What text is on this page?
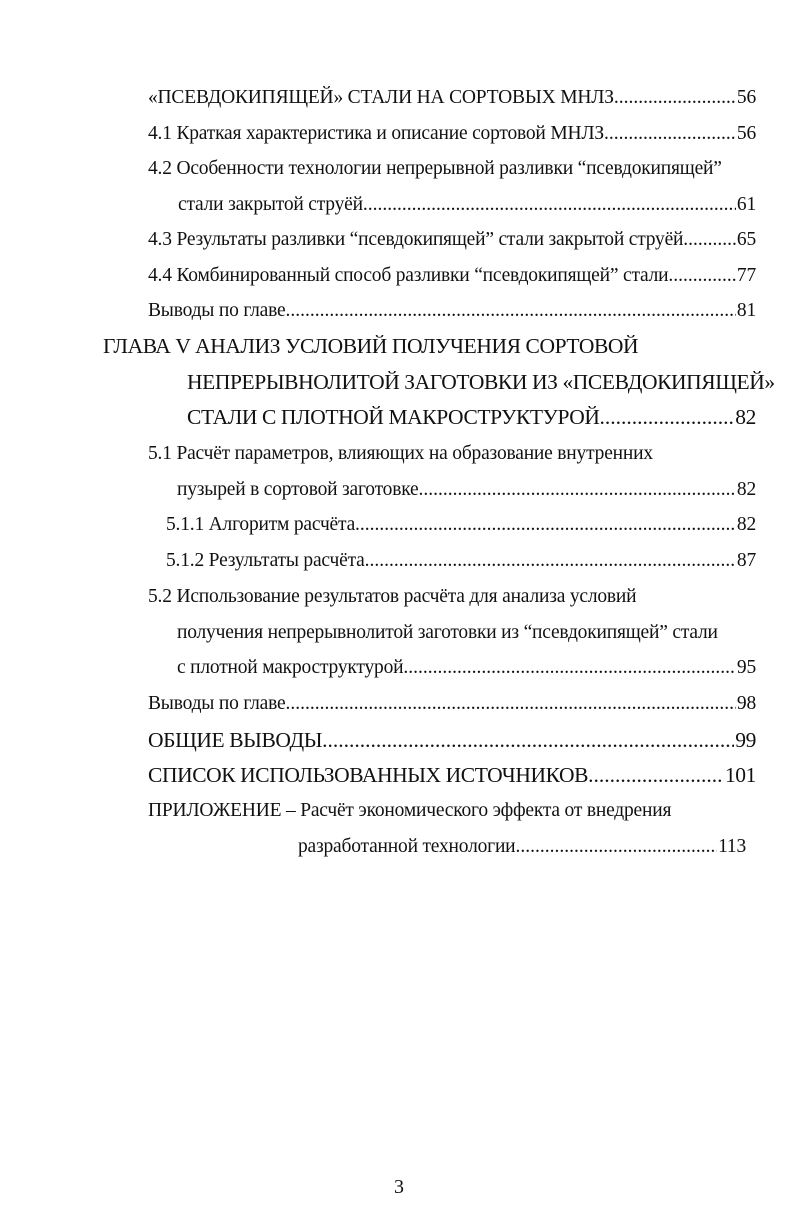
«ПСЕВДОКИПЯЩЕЙ» СТАЛИ НА СОРТОВЫХ МНЛЗ .....	56
4.1 Краткая характеристика и описание сортовой МНЛЗ .....	56
4.2 Особенности технологии непрерывной разливки “псевдокипящей”
стали закрытой струёй .....	61
4.3 Результаты разливки “псевдокипящей” стали закрытой струёй .....	65
4.4 Комбинированный способ разливки “псевдокипящей” стали .....	77
Выводы по главе .....	81
ГЛАВА V АНАЛИЗ УСЛОВИЙ ПОЛУЧЕНИЯ СОРТОВОЙ
НЕПРЕРЫВНОЛИТОЙ ЗАГОТОВКИ ИЗ «ПСЕВДОКИПЯЩЕЙ»
СТАЛИ С ПЛОТНОЙ МАКРОСТРУКТУРОЙ .....	82
5.1 Расчёт параметров, влияющих на образование внутренних
пузырей в сортовой заготовке .....	82
5.1.1 Алгоритм расчёта .....	82
5.1.2 Результаты расчёта .....	87
5.2 Использование результатов расчёта для анализа условий
получения непрерывнолитой заготовки из “псевдокипящей” стали
с плотной макроструктурой .....	95
Выводы по главе .....	98
ОБЩИЕ ВЫВОДЫ .....	99
СПИСОК ИСПОЛЬЗОВАННЫХ ИСТОЧНИКОВ .....	101
ПРИЛОЖЕНИЕ – Расчёт экономического эффекта от внедрения
разработанной технологии .....	113
3
